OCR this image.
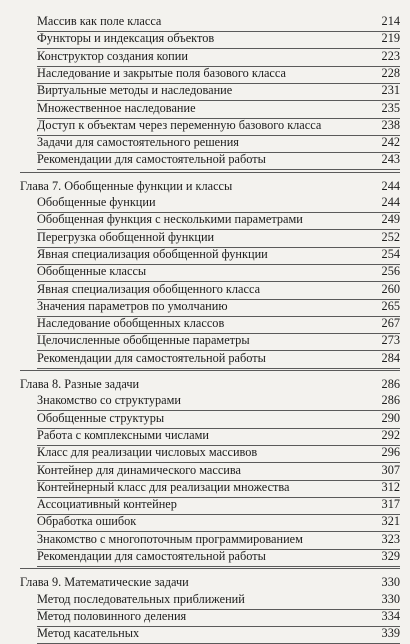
Массив как поле класса	214
Функторы и индексация объектов	219
Конструктор создания копии	223
Наследование и закрытые поля базового класса	228
Виртуальные методы и наследование	231
Множественное наследование	235
Доступ к объектам через переменную базового класса	238
Задачи для самостоятельного решения	242
Рекомендации для самостоятельной работы	243
Глава 7. Обобщенные функции и классы	244
Обобщенные функции	244
Обобщенная функция с несколькими параметрами	249
Перегрузка обобщенной функции	252
Явная специализация обобщенной функции	254
Обобщенные классы	256
Явная специализация обобщенного класса	260
Значения параметров по умолчанию	265
Наследование обобщенных классов	267
Целочисленные обобщенные параметры	273
Рекомендации для самостоятельной работы	284
Глава 8. Разные задачи	286
Знакомство со структурами	286
Обобщенные структуры	290
Работа с комплексными числами	292
Класс для реализации числовых массивов	296
Контейнер для динамического массива	307
Контейнерный класс для реализации множества	312
Ассоциативный контейнер	317
Обработка ошибок	321
Знакомство с многопоточным программированием	323
Рекомендации для самостоятельной работы	329
Глава 9. Математические задачи	330
Метод последовательных приближений	330
Метод половинного деления	334
Метод касательных	339
